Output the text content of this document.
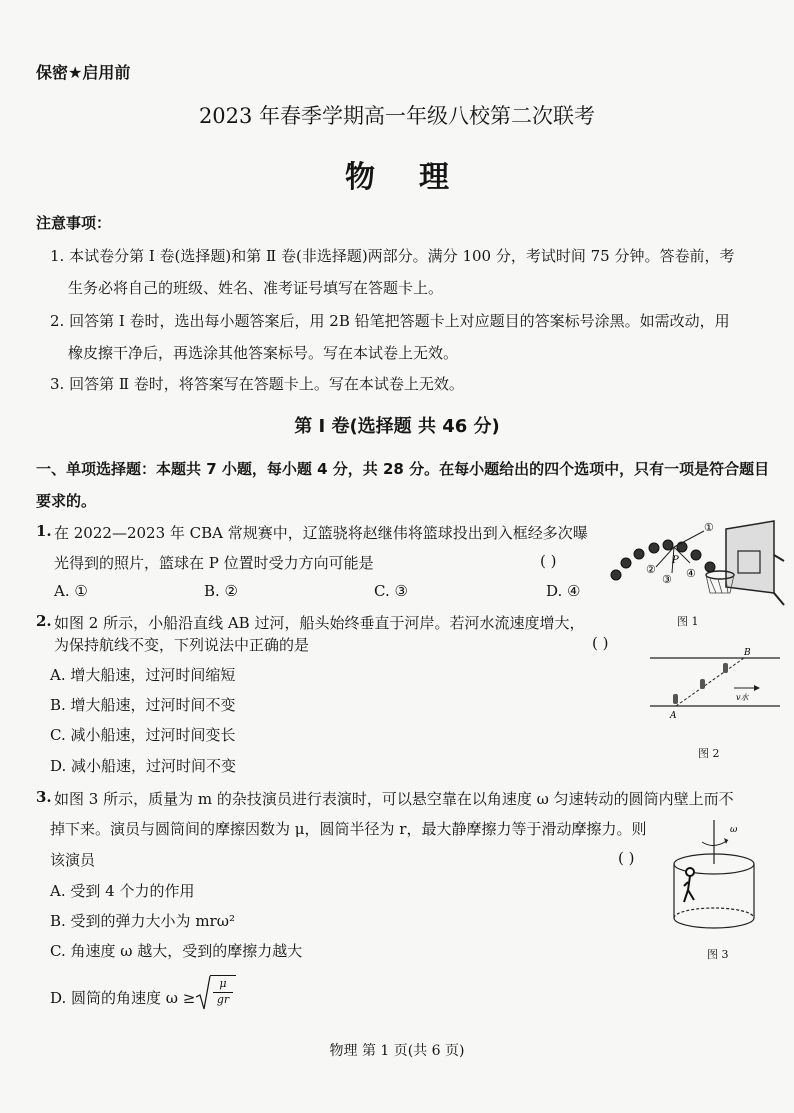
保密★启用前
2023 年春季学期高一年级八校第二次联考
物理
注意事项：
1. 本试卷分第 Ⅰ 卷(选择题)和第 Ⅱ 卷(非选择题)两部分。满分 100 分，考试时间 75 分钟。答卷前，考
生务必将自己的班级、姓名、准考证号填写在答题卡上。
2. 回答第 Ⅰ 卷时，选出每小题答案后，用 2B 铅笔把答题卡上对应题目的答案标号涂黑。如需改动，用
橡皮擦干净后，再选涂其他答案标号。写在本试卷上无效。
3. 回答第 Ⅱ 卷时，将答案写在答题卡上。写在本试卷上无效。
第 Ⅰ 卷(选择题 共 46 分)
一、单项选择题：本题共 7 小题，每小题 4 分，共 28 分。在每小题给出的四个选项中，只有一项是符合题目
要求的。
1. 在 2022—2023 年 CBA 常规赛中，辽篮骁将赵继伟将篮球投出到入框经多次曝
光得到的照片，篮球在 P 位置时受力方向可能是	( )
A. ①	B. ②	C. ③	D. ④
①
②
③ ④
P
图 1
2. 如图 2 所示，小船沿直线 AB 过河，船头始终垂直于河岸。若河水流速度增大，
为保持航线不变，下列说法中正确的是	( )
A. 增大船速，过河时间缩短
B. 增大船速，过河时间不变
C. 减小船速，过河时间变长
D. 减小船速，过河时间不变
A
B
v水
图 2
3. 如图 3 所示，质量为 m 的杂技演员进行表演时，可以悬空靠在以角速度 ω 匀速转动的圆筒内壁上而不
掉下来。演员与圆筒间的摩擦因数为 μ，圆筒半径为 r，最大静摩擦力等于滑动摩擦力。则
该演员	( )
A. 受到 4 个力的作用
B. 受到的弹力大小为 mrω²
C. 角速度 ω 越大，受到的摩擦力越大
D. 圆筒的角速度 ω ≥
μ
gr
ω
图 3
物理 第 1 页(共 6 页)
